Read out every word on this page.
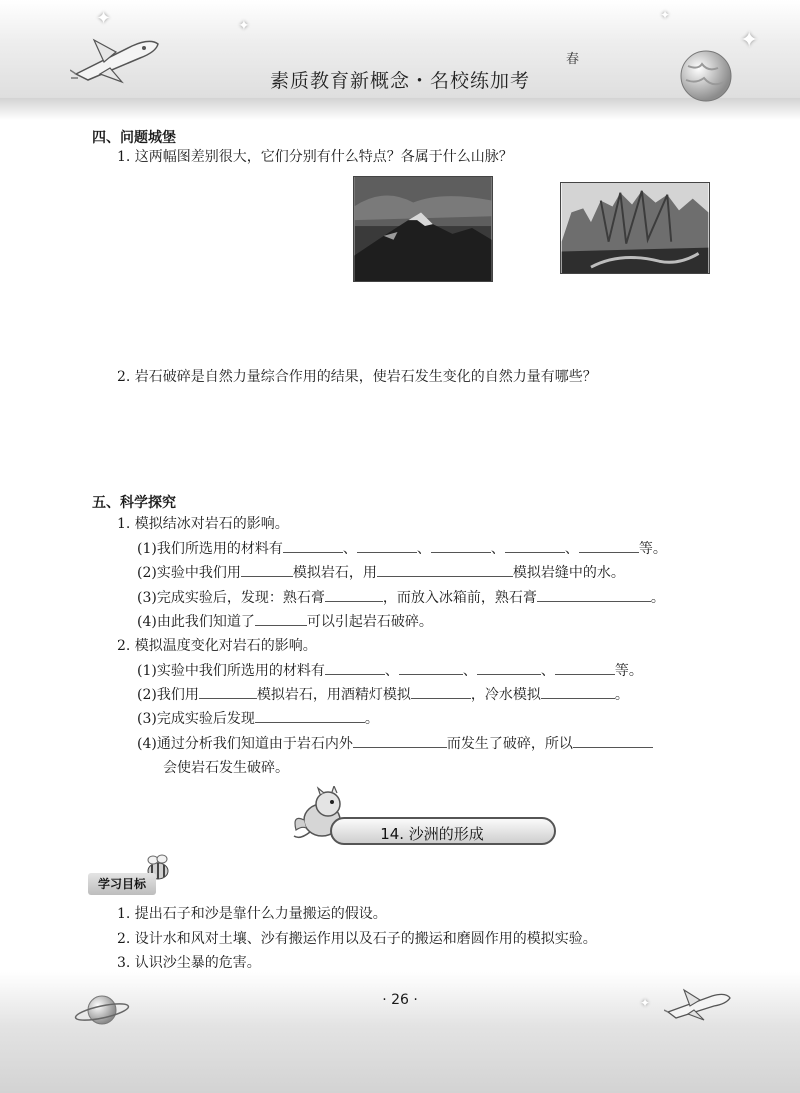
✦	✦
✦
✦
春
素质教育新概念・名校练加考
四、问题城堡
1. 这两幅图差别很大，它们分别有什么特点？各属于什么山脉？
2. 岩石破碎是自然力量综合作用的结果，使岩石发生变化的自然力量有哪些？
五、科学探究
1. 模拟结冰对岩石的影响。
(1)我们所选用的材料有	、	、	、	、	等。
(2)实验中我们用	模拟岩石，用	模拟岩缝中的水。
(3)完成实验后，发现：熟石膏	，而放入冰箱前，熟石膏	。
(4)由此我们知道了	可以引起岩石破碎。
2. 模拟温度变化对岩石的影响。
(1)实验中我们所选用的材料有	、	、	、	等。
(2)我们用	模拟岩石，用酒精灯模拟	，冷水模拟	。
(3)完成实验后发现	。
(4)通过分析我们知道由于岩石内外	而发生了破碎，所以
会使岩石发生破碎。
14. 沙洲的形成
学习目标
1. 提出石子和沙是靠什么力量搬运的假设。
2. 设计水和风对土壤、沙有搬运作用以及石子的搬运和磨圆作用的模拟实验。
3. 认识沙尘暴的危害。
· 26 ·	✦
